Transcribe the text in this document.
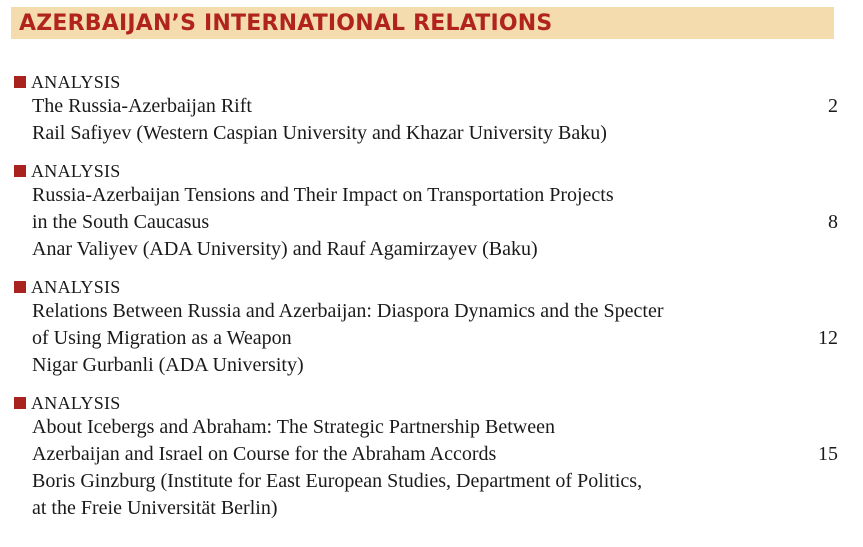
AZERBAIJAN’S INTERNATIONAL RELATIONS
ANALYSIS
The Russia-Azerbaijan Rift	2
Rail Safiyev (Western Caspian University and Khazar University Baku)
ANALYSIS
Russia-Azerbaijan Tensions and Their Impact on Transportation Projects
in the South Caucasus	8
Anar Valiyev (ADA University) and Rauf Agamirzayev (Baku)
ANALYSIS
Relations Between Russia and Azerbaijan: Diaspora Dynamics and the Specter
of Using Migration as a Weapon	12
Nigar Gurbanli (ADA University)
ANALYSIS
About Icebergs and Abraham: The Strategic Partnership Between
Azerbaijan and Israel on Course for the Abraham Accords	15
Boris Ginzburg (Institute for East European Studies, Department of Politics,
at the Freie Universität Berlin)
